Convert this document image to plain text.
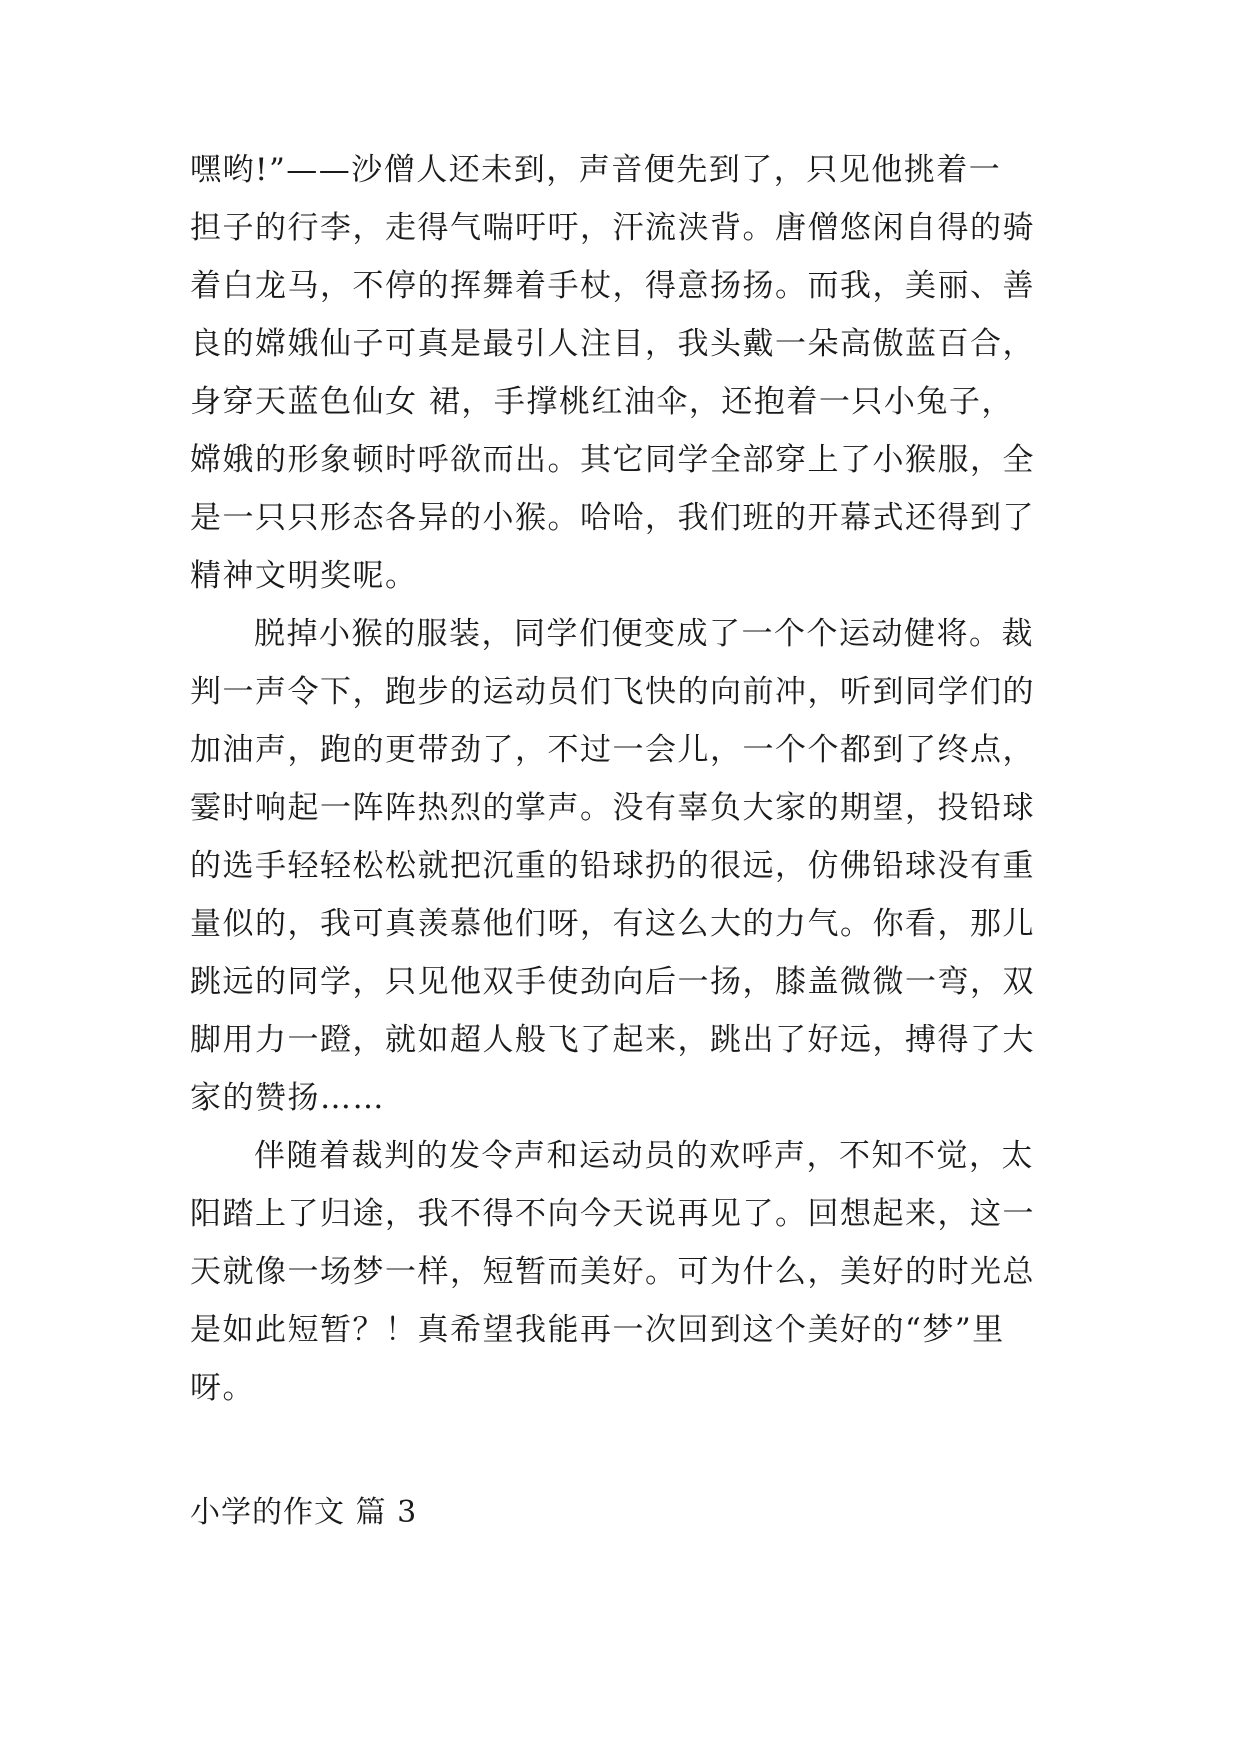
嘿哟!”——沙僧人还未到，声音便先到了，只见他挑着一
担子的行李，走得气喘吁吁，汗流浃背。唐僧悠闲自得的骑
着白龙马，不停的挥舞着手杖，得意扬扬。而我，美丽、善
良的嫦娥仙子可真是最引人注目，我头戴一朵高傲蓝百合，
身穿天蓝色仙女 裙，手撑桃红油伞，还抱着一只小兔子，
嫦娥的形象顿时呼欲而出。其它同学全部穿上了小猴服，全
是一只只形态各异的小猴。哈哈，我们班的开幕式还得到了
精神文明奖呢。
脱掉小猴的服装，同学们便变成了一个个运动健将。裁
判一声令下，跑步的运动员们飞快的向前冲，听到同学们的
加油声，跑的更带劲了，不过一会儿，一个个都到了终点，
霎时响起一阵阵热烈的掌声。没有辜负大家的期望，投铅球
的选手轻轻松松就把沉重的铅球扔的很远，仿佛铅球没有重
量似的，我可真羡慕他们呀，有这么大的力气。你看，那儿
跳远的同学，只见他双手使劲向后一扬，膝盖微微一弯，双
脚用力一蹬，就如超人般飞了起来，跳出了好远，搏得了大
家的赞扬……
伴随着裁判的发令声和运动员的欢呼声，不知不觉，太
阳踏上了归途，我不得不向今天说再见了。回想起来，这一
天就像一场梦一样，短暂而美好。可为什么，美好的时光总
是如此短暂？！真希望我能再一次回到这个美好的“梦”里
呀。
小学的作文 篇 3
